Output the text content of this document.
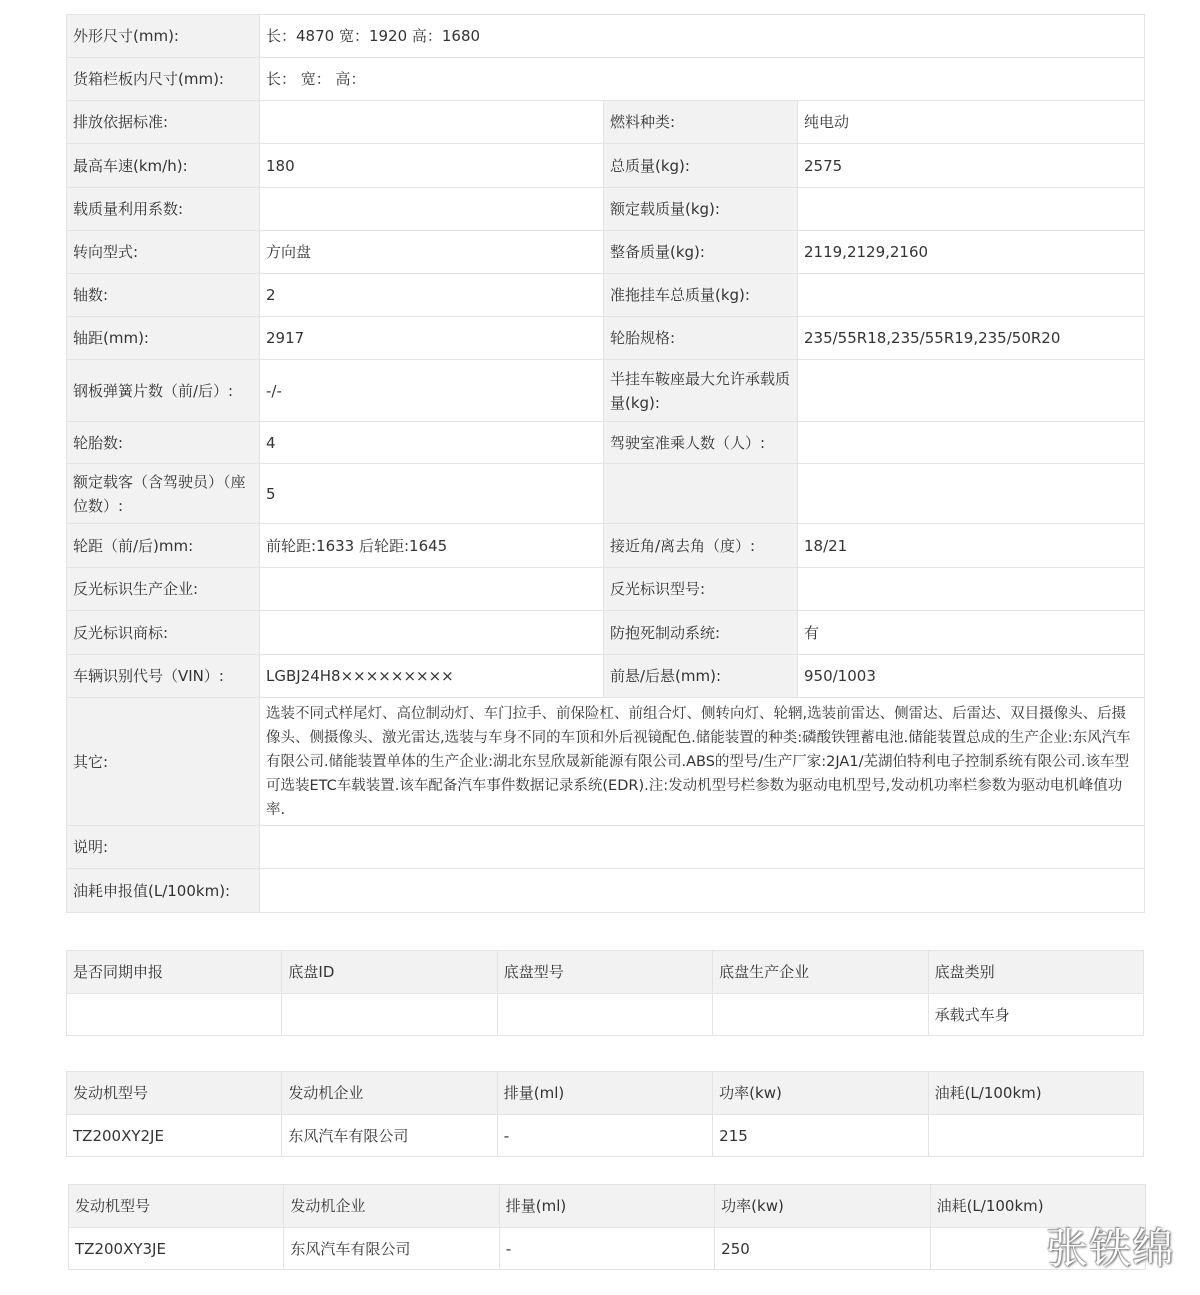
外形尺寸(mm):	长：4870 宽：1920 高：1680		
货箱栏板内尺寸(mm):	长： 宽： 高：		
排放依据标准:		燃料种类:	纯电动
最高车速(km/h):	180	总质量(kg):	2575
载质量利用系数:		额定载质量(kg):	
转向型式:	方向盘	整备质量(kg):	2119,2129,2160
轴数:	2	准拖挂车总质量(kg):	
轴距(mm):	2917	轮胎规格:	235/55R18,235/55R19,235/50R20
钢板弹簧片数（前/后）:	-/-	半挂车鞍座最大允许承载质量(kg):	
轮胎数:	4	驾驶室准乘人数（人）:	
额定载客（含驾驶员）（座位数）:	5		
轮距（前/后)mm:	前轮距:1633 后轮距:1645	接近角/离去角（度）:	18/21
反光标识生产企业:		反光标识型号:	
反光标识商标:		防抱死制动系统:	有
车辆识别代号（VIN）:	LGBJ24H8×××××××××	前悬/后悬(mm):	950/1003
其它:	选装不同式样尾灯、高位制动灯、车门拉手、前保险杠、前组合灯、侧转向灯、轮辋,选装前雷达、侧雷达、后雷达、双目摄像头、后摄像头、侧摄像头、激光雷达,选装与车身不同的车顶和外后视镜配色.储能装置的种类:磷酸铁锂蓄电池.储能装置总成的生产企业:东风汽车有限公司.储能装置单体的生产企业:湖北东昱欣晟新能源有限公司.ABS的型号/生产厂家:2JA1/芜湖伯特利电子控制系统有限公司.该车型可选装ETC车载装置.该车配备汽车事件数据记录系统(EDR).注:发动机型号栏参数为驱动电机型号,发动机功率栏参数为驱动电机峰值功率.		
说明:			
油耗申报值(L/100km):			
是否同期申报	底盘ID	底盘型号	底盘生产企业	底盘类别
				承载式车身
发动机型号	发动机企业	排量(ml)	功率(kw)	油耗(L/100km)
TZ200XY2JE	东风汽车有限公司	-	215	
发动机型号	发动机企业	排量(ml)	功率(kw)	油耗(L/100km)
TZ200XY3JE	东风汽车有限公司	-	250		张铁绵
